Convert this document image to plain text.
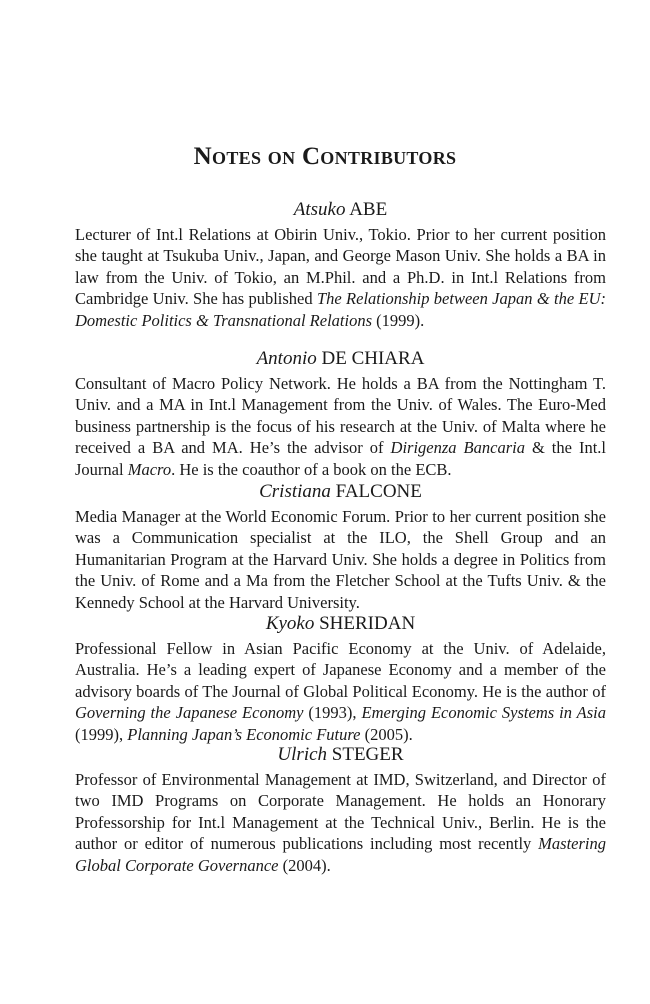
Notes on Contributors
Atsuko ABE

Lecturer of Int.l Relations at Obirin Univ., Tokio. Prior to her current position she taught at Tsukuba Univ., Japan, and George Mason Univ. She holds a BA in law from the Univ. of Tokio, an M.Phil. and a Ph.D. in Int.l Relations from Cambridge Univ. She has published The Relationship between Japan & the EU: Domestic Politics & Transnational Relations (1999).

Antonio DE CHIARA

Consultant of Macro Policy Network. He holds a BA from the Nottingham T. Univ. and a MA in Int.l Management from the Univ. of Wales. The Euro-Med business partnership is the focus of his research at the Univ. of Malta where he received a BA and MA. He’s the advisor of Dirigenza Bancaria & the Int.l Journal Macro. He is the coauthor of a book on the ECB.

Cristiana FALCONE

Media Manager at the World Economic Forum. Prior to her current position she was a Communication specialist at the ILO, the Shell Group and an Humanitarian Program at the Harvard Univ. She holds a degree in Politics from the Univ. of Rome and a Ma from the Fletcher School at the Tufts Univ. & the Kennedy School at the Harvard University.

Kyoko SHERIDAN

Professional Fellow in Asian Pacific Economy at the Univ. of Adelaide, Australia. He’s a leading expert of Japanese Economy and a member of the advisory boards of The Journal of Global Political Economy. He is the author of Governing the Japanese Economy (1993), Emerging Economic Systems in Asia (1999), Planning Japan’s Economic Future (2005).

Ulrich STEGER

Professor of Environmental Management at IMD, Switzerland, and Director of two IMD Programs on Corporate Management. He holds an Honorary Professorship for Int.l Management at the Technical Univ., Berlin. He is the author or editor of numerous publications including most recently Mastering Global Corporate Governance (2004).
